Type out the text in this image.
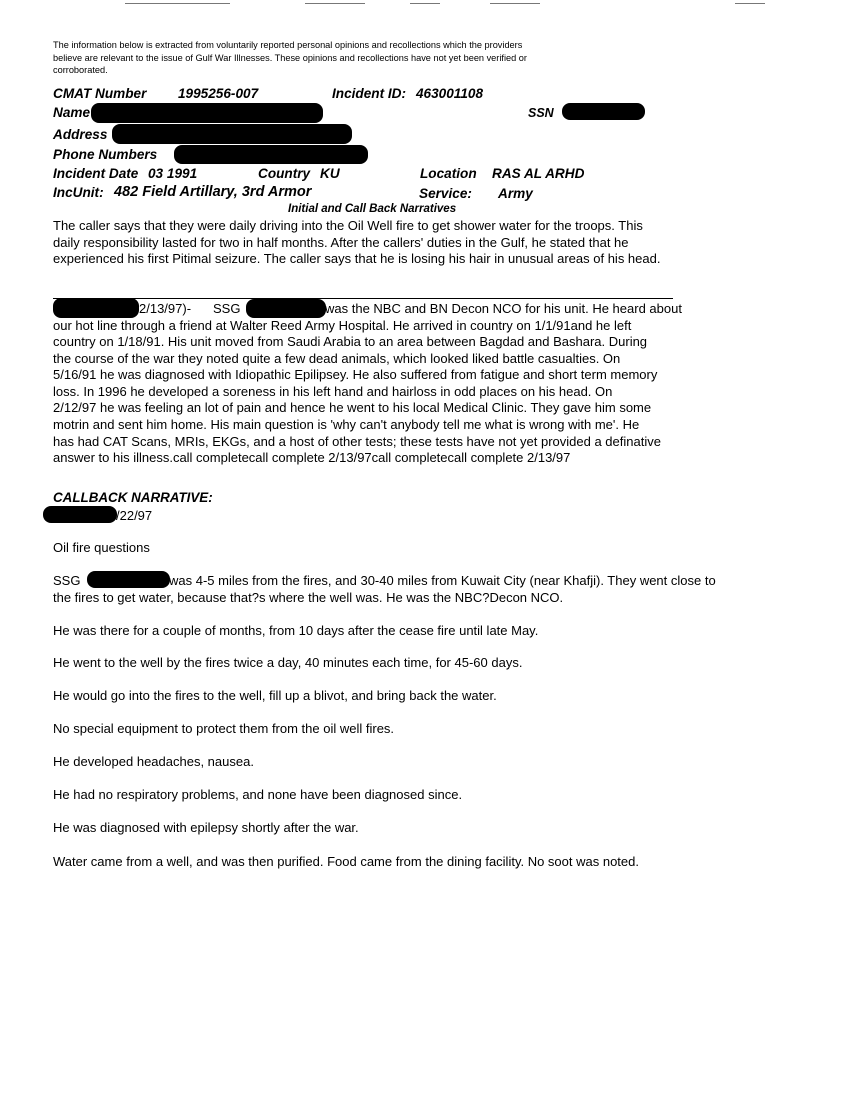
The information below is extracted from voluntarily reported personal opinions and recollections which the providers
believe are relevant to the issue of Gulf War Illnesses. These opinions and recollections have not yet been verified or
corroborated.
CMAT Number 1995256-007	Incident ID: 463001108
Name	SSN
Address
Phone Numbers
Incident Date 03 1991	Country KU	Location RAS AL ARHD
IncUnit: 482 Field Artillary, 3rd Armor	Service: Army
Initial and Call Back Narratives
The caller says that they were daily driving into the Oil Well fire to get shower water for the troops. This
daily responsibility lasted for two in half months. After the callers' duties in the Gulf, he stated that he
experienced his first Pitimal seizure. The caller says that he is losing his hair in unusual areas of his head.
2/13/97)- SSG	was the NBC and BN Decon NCO for his unit. He heard about
our hot line through a friend at Walter Reed Army Hospital. He arrived in country on 1/1/91and he left
country on 1/18/91. His unit moved from Saudi Arabia to an area between Bagdad and Bashara. During
the course of the war they noted quite a few dead animals, which looked liked battle casualties. On
5/16/91 he was diagnosed with Idiopathic Epilipsey. He also suffered from fatigue and short term memory
loss. In 1996 he developed a soreness in his left hand and hairloss in odd places on his head. On
2/12/97 he was feeling an lot of pain and hence he went to his local Medical Clinic. They gave him some
motrin and sent him home. His main question is 'why can't anybody tell me what is wrong with me'. He
has had CAT Scans, MRIs, EKGs, and a host of other tests; these tests have not yet provided a definative
answer to his illness.call completecall complete 2/13/97call completecall complete 2/13/97
CALLBACK NARRATIVE:
/22/97
Oil fire questions
SSG	was 4-5 miles from the fires, and 30-40 miles from Kuwait City (near Khafji). They went close to
the fires to get water, because that?s where the well was. He was the NBC?Decon NCO.
He was there for a couple of months, from 10 days after the cease fire until late May.
He went to the well by the fires twice a day, 40 minutes each time, for 45-60 days.
He would go into the fires to the well, fill up a blivot, and bring back the water.
No special equipment to protect them from the oil well fires.
He developed headaches, nausea.
He had no respiratory problems, and none have been diagnosed since.
He was diagnosed with epilepsy shortly after the war.
Water came from a well, and was then purified. Food came from the dining facility. No soot was noted.
